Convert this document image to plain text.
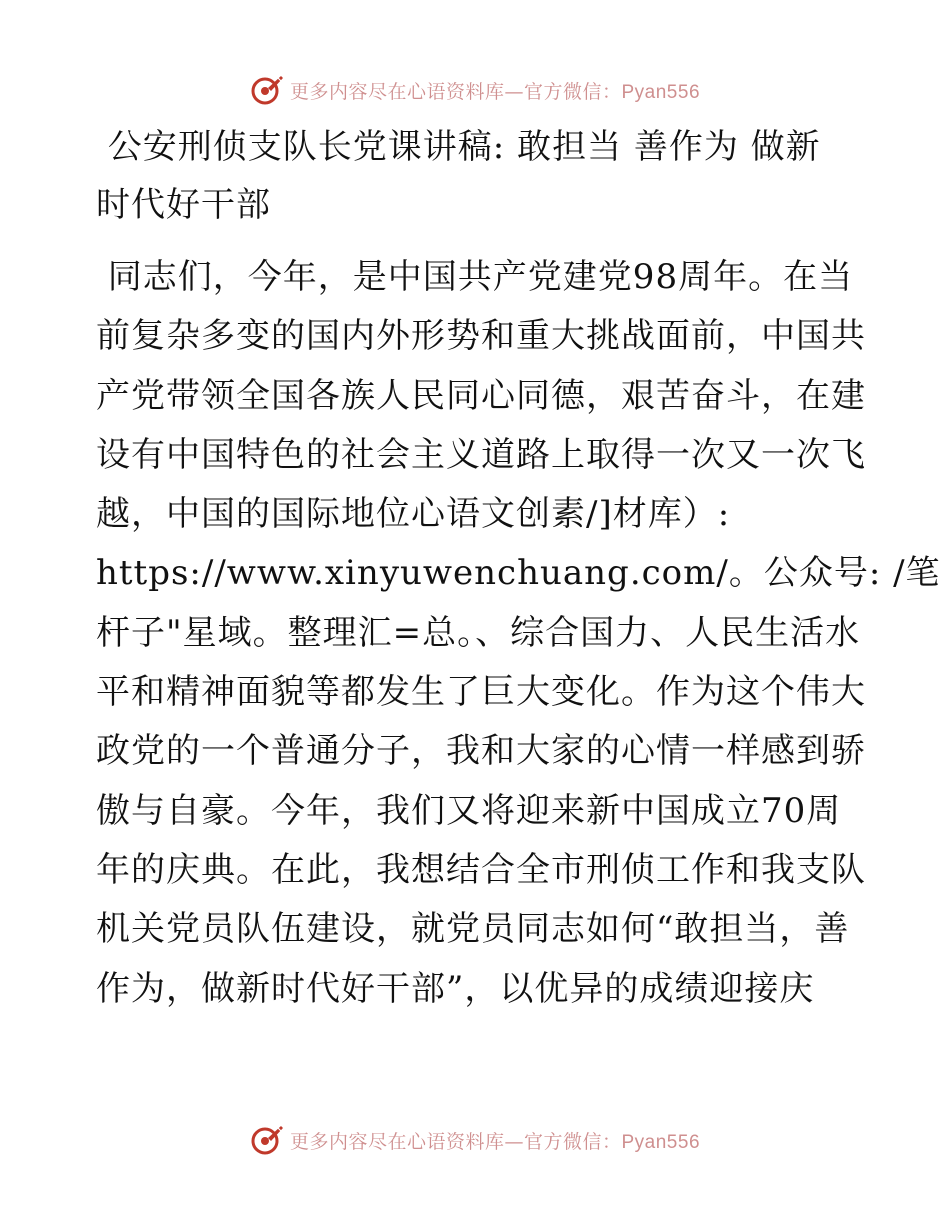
更多内容尽在心语资料库—官方微信：Pyan556
公安刑侦支队长党课讲稿: 敢担当 善作为 做新
时代好干部
同志们，今年，是中国共产党建党98周年。在当
前复杂多变的国内外形势和重大挑战面前，中国共
产党带领全国各族人民同心同德，艰苦奋斗，在建
设有中国特色的社会主义道路上取得一次又一次飞
越，中国的国际地位心语文创素/]材库）:
https://www.xinyuwenchuang.com/。公众号: /笔
杆子"星域。整理汇=总。、综合国力、人民生活水
平和精神面貌等都发生了巨大变化。作为这个伟大
政党的一个普通分子，我和大家的心情一样感到骄
傲与自豪。今年，我们又将迎来新中国成立70周
年的庆典。在此，我想结合全市刑侦工作和我支队
机关党员队伍建设，就党员同志如何“敢担当，善
作为，做新时代好干部”，以优异的成绩迎接庆
更多内容尽在心语资料库—官方微信：Pyan556
